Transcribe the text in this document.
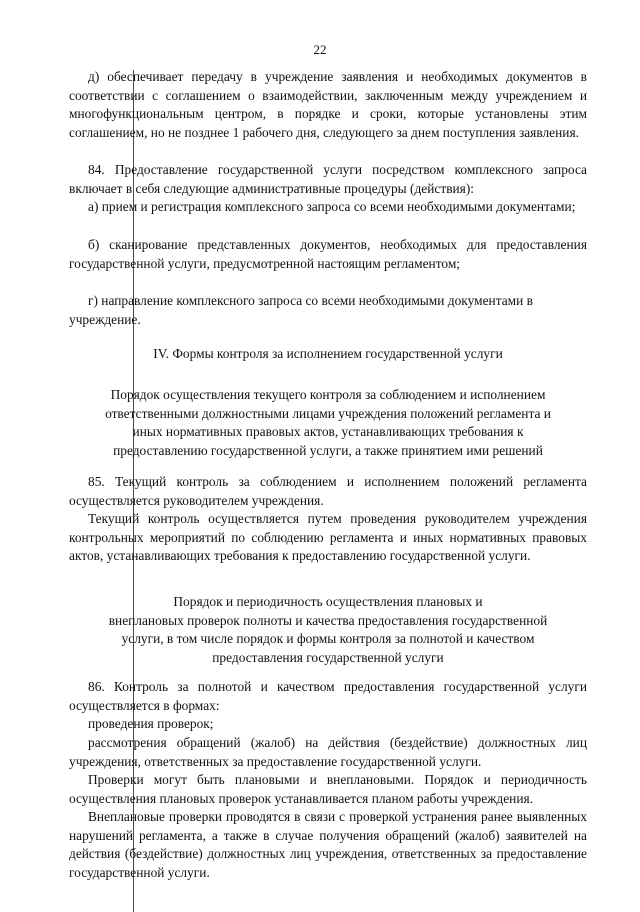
22

д) обеспечивает передачу в учреждение заявления и необходимых документов в соответствии с соглашением о взаимодействии, заключенным между учреждением и многофункциональным центром, в порядке и сроки, которые установлены этим соглашением, но не позднее 1 рабочего дня, следующего за днем поступления заявления.

84. Предоставление государственной услуги посредством комплексного запроса включает в себя следующие административные процедуры (действия):

а) прием и регистрация комплексного запроса со всеми необходимыми документами;

б) сканирование представленных документов, необходимых для предоставления государственной услуги, предусмотренной настоящим регламентом;

г) направление комплексного запроса со всеми необходимыми документами в учреждение.

IV. Формы контроля за исполнением государственной услуги

Порядок осуществления текущего контроля за соблюдением и исполнением
ответственными должностными лицами учреждения положений регламента и
иных нормативных правовых актов, устанавливающих требования к
предоставлению государственной услуги, а также принятием ими решений

85. Текущий контроль за соблюдением и исполнением положений регламента осуществляется руководителем учреждения.

Текущий контроль осуществляется путем проведения руководителем учреждения контрольных мероприятий по соблюдению регламента и иных нормативных правовых актов, устанавливающих требования к предоставлению государственной услуги.

Порядок и периодичность осуществления плановых и
внеплановых проверок полноты и качества предоставления государственной
услуги, в том числе порядок и формы контроля за полнотой и качеством
предоставления государственной услуги

86. Контроль за полнотой и качеством предоставления государственной услуги осуществляется в формах:

проведения проверок;

рассмотрения обращений (жалоб) на действия (бездействие) должностных лиц учреждения, ответственных за предоставление государственной услуги.

Проверки могут быть плановыми и внеплановыми. Порядок и периодичность осуществления плановых проверок устанавливается планом работы учреждения.

Внеплановые проверки проводятся в связи с проверкой устранения ранее выявленных нарушений регламента, а также в случае получения обращений (жалоб) заявителей на действия (бездействие) должностных лиц учреждения, ответственных за предоставление государственной услуги.
